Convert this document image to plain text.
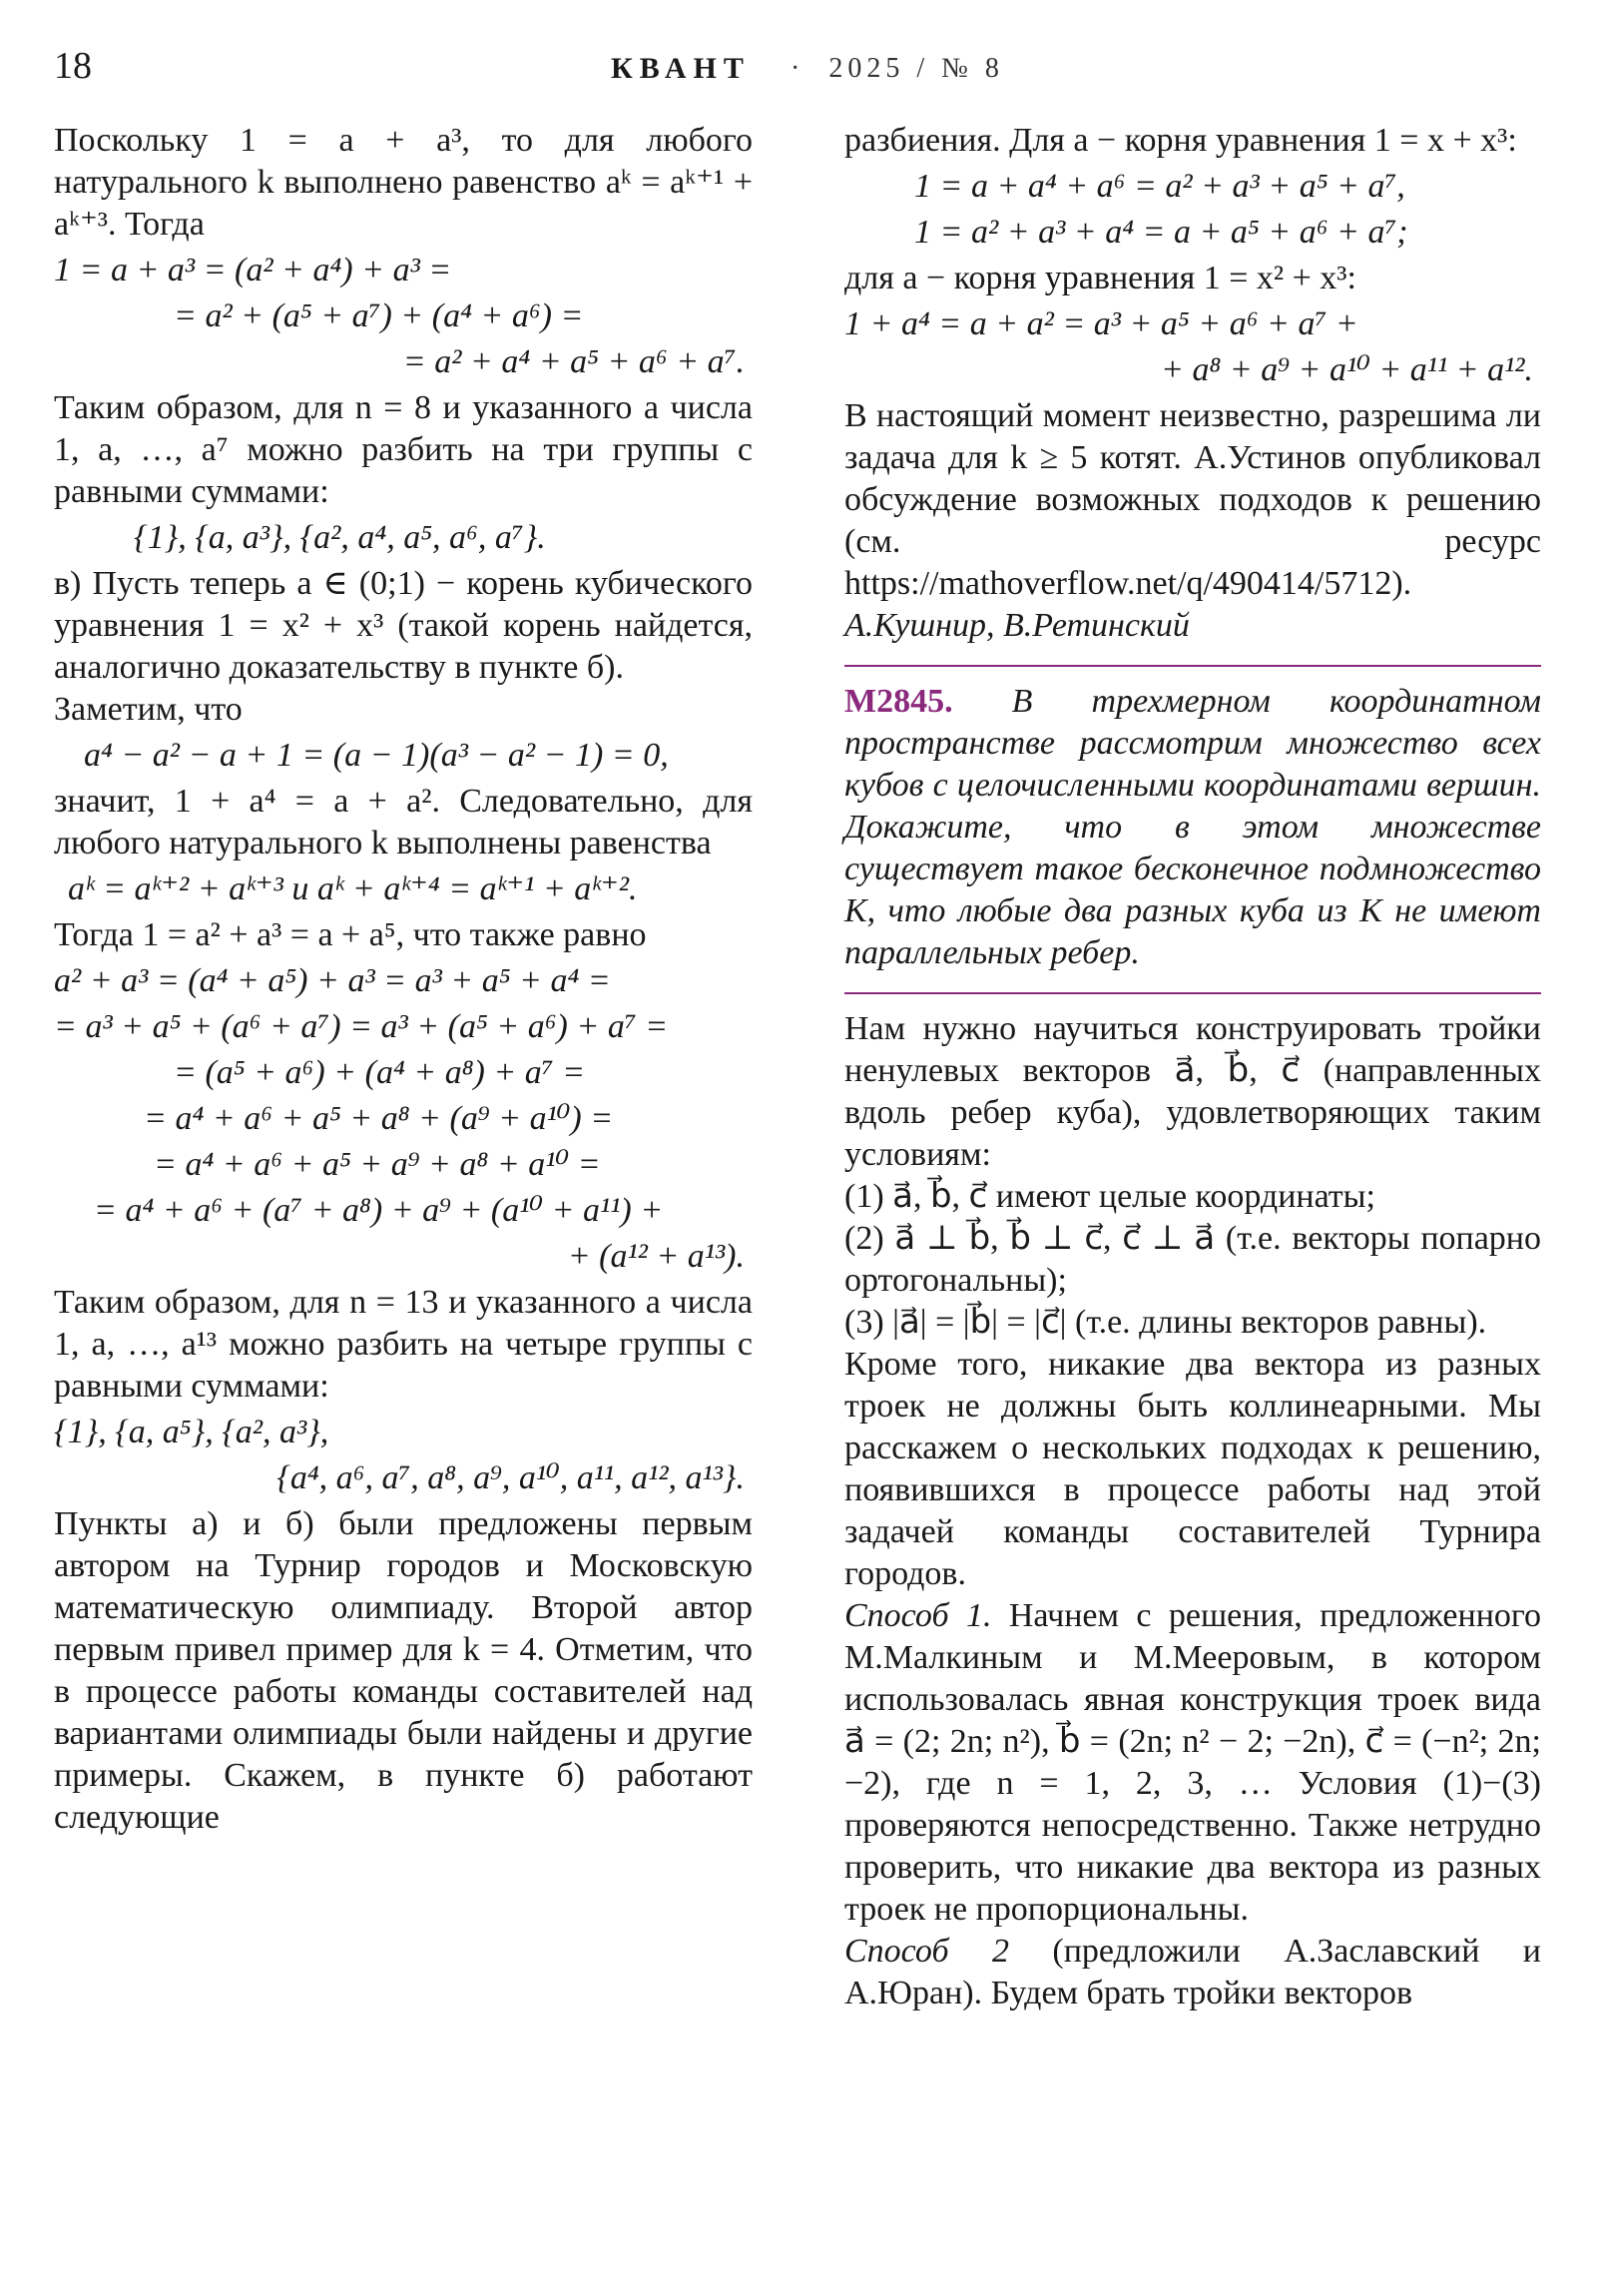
18	КВАНТ · 2025 / № 8

Поскольку 1 = a + a³, то для любого натурального k выполнено равенство aᵏ = aᵏ⁺¹ + aᵏ⁺³. Тогда

1 = a + a³ = (a² + a⁴) + a³ =
= a² + (a⁵ + a⁷) + (a⁴ + a⁶) =
= a² + a⁴ + a⁵ + a⁶ + a⁷.

Таким образом, для n = 8 и указанного a числа 1, a, …, a⁷ можно разбить на три группы с равными суммами:

{1}, {a, a³}, {a², a⁴, a⁵, a⁶, a⁷}.

в) Пусть теперь a ∈ (0;1) − корень кубического уравнения 1 = x² + x³ (такой корень найдется, аналогично доказательству в пункте б).

Заметим, что

a⁴ − a² − a + 1 = (a − 1)(a³ − a² − 1) = 0,

значит, 1 + a⁴ = a + a². Следовательно, для любого натурального k выполнены равенства

aᵏ = aᵏ⁺² + aᵏ⁺³ и aᵏ + aᵏ⁺⁴ = aᵏ⁺¹ + aᵏ⁺².

Тогда 1 = a² + a³ = a + a⁵, что также равно

a² + a³ = (a⁴ + a⁵) + a³ = a³ + a⁵ + a⁴ =
= a³ + a⁵ + (a⁶ + a⁷) = a³ + (a⁵ + a⁶) + a⁷ =
= (a⁵ + a⁶) + (a⁴ + a⁸) + a⁷ =
= a⁴ + a⁶ + a⁵ + a⁸ + (a⁹ + a¹⁰) =
= a⁴ + a⁶ + a⁵ + a⁹ + a⁸ + a¹⁰ =
= a⁴ + a⁶ + (a⁷ + a⁸) + a⁹ + (a¹⁰ + a¹¹) +
+ (a¹² + a¹³).

Таким образом, для n = 13 и указанного a числа 1, a, …, a¹³ можно разбить на четыре группы с равными суммами:

{1}, {a, a⁵}, {a², a³},
{a⁴, a⁶, a⁷, a⁸, a⁹, a¹⁰, a¹¹, a¹², a¹³}.

Пункты а) и б) были предложены первым автором на Турнир городов и Московскую математическую олимпиаду. Второй автор первым привел пример для k = 4. Отметим, что в процессе работы команды составителей над вариантами олимпиады были найдены и другие примеры. Скажем, в пункте б) работают следующие

разбиения. Для a − корня уравнения 1 = x + x³:

1 = a + a⁴ + a⁶ = a² + a³ + a⁵ + a⁷,
1 = a² + a³ + a⁴ = a + a⁵ + a⁶ + a⁷;

для a − корня уравнения 1 = x² + x³:

1 + a⁴ = a + a² = a³ + a⁵ + a⁶ + a⁷ +
+ a⁸ + a⁹ + a¹⁰ + a¹¹ + a¹².

В настоящий момент неизвестно, разрешима ли задача для k ≥ 5 котят. А.Устинов опубликовал обсуждение возможных подходов к решению (см. ресурс https://mathoverflow.net/q/490414/5712).

А.Кушнир, В.Ретинский

M2845. В трехмерном координатном пространстве рассмотрим множество всех кубов с целочисленными координатами вершин. Докажите, что в этом множестве существует такое бесконечное подмножество K, что любые два разных куба из K не имеют параллельных ребер.

Нам нужно научиться конструировать тройки ненулевых векторов a⃗, b⃗, c⃗ (направленных вдоль ребер куба), удовлетворяющих таким условиям:

(1) a⃗, b⃗, c⃗ имеют целые координаты;

(2) a⃗ ⊥ b⃗, b⃗ ⊥ c⃗, c⃗ ⊥ a⃗ (т.е. векторы попарно ортогональны);

(3) |a⃗| = |b⃗| = |c⃗| (т.е. длины векторов равны).

Кроме того, никакие два вектора из разных троек не должны быть коллинеарными. Мы расскажем о нескольких подходах к решению, появившихся в процессе работы над этой задачей команды составителей Турнира городов.

Способ 1. Начнем с решения, предложенного М.Малкиным и М.Мееровым, в котором использовалась явная конструкция троек вида a⃗ = (2; 2n; n²), b⃗ = (2n; n² − 2; −2n), c⃗ = (−n²; 2n; −2), где n = 1, 2, 3, … Условия (1)−(3) проверяются непосредственно. Также нетрудно проверить, что никакие два вектора из разных троек не пропорциональны.

Способ 2 (предложили А.Заславский и А.Юран). Будем брать тройки векторов
